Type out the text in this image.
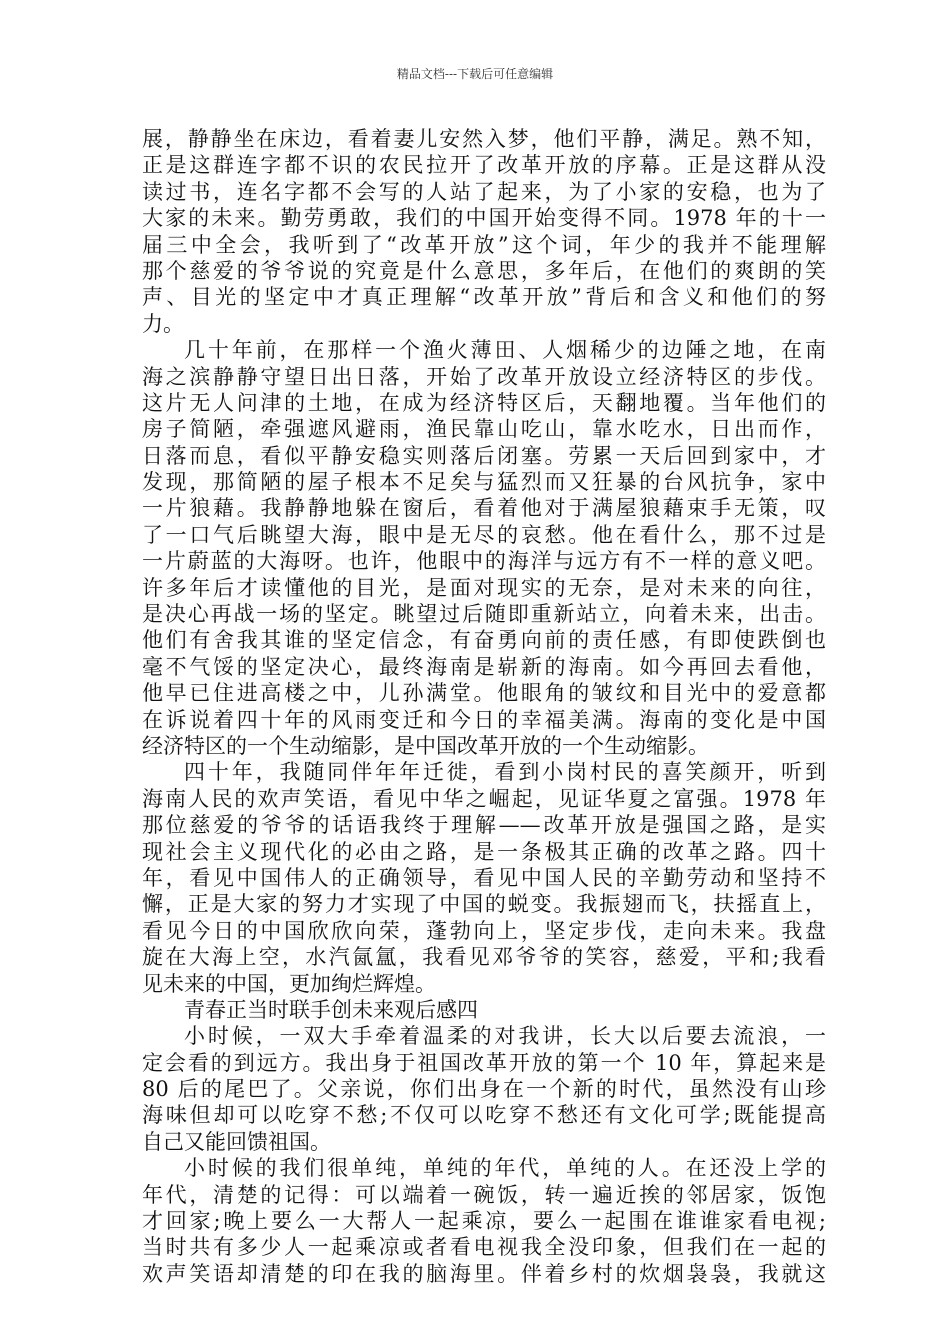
精品文档---下载后可任意编辑
展，静静坐在床边，看着妻儿安然入梦，他们平静，满足。熟不知，
正是这群连字都不识的农民拉开了改革开放的序幕。正是这群从没
读过书，连名字都不会写的人站了起来，为了小家的安稳，也为了
大家的未来。勤劳勇敢，我们的中国开始变得不同。1978 年的十一
届三中全会，我听到了“改革开放”这个词，年少的我并不能理解
那个慈爱的爷爷说的究竟是什么意思，多年后，在他们的爽朗的笑
声、目光的坚定中才真正理解“改革开放”背后和含义和他们的努
力。
几十年前，在那样一个渔火薄田、人烟稀少的边陲之地，在南
海之滨静静守望日出日落，开始了改革开放设立经济特区的步伐。
这片无人问津的土地，在成为经济特区后，天翻地覆。当年他们的
房子简陋，牵强遮风避雨，渔民靠山吃山，靠水吃水，日出而作，
日落而息，看似平静安稳实则落后闭塞。劳累一天后回到家中，才
发现，那简陋的屋子根本不足矣与猛烈而又狂暴的台风抗争，家中
一片狼藉。我静静地躲在窗后，看着他对于满屋狼藉束手无策，叹
了一口气后眺望大海，眼中是无尽的哀愁。他在看什么，那不过是
一片蔚蓝的大海呀。也许，他眼中的海洋与远方有不一样的意义吧。
许多年后才读懂他的目光，是面对现实的无奈，是对未来的向往，
是决心再战一场的坚定。眺望过后随即重新站立，向着未来，出击。
他们有舍我其谁的坚定信念，有奋勇向前的责任感，有即使跌倒也
毫不气馁的坚定决心，最终海南是崭新的海南。如今再回去看他，
他早已住进高楼之中，儿孙满堂。他眼角的皱纹和目光中的爱意都
在诉说着四十年的风雨变迁和今日的幸福美满。海南的变化是中国
经济特区的一个生动缩影，是中国改革开放的一个生动缩影。
四十年，我随同伴年年迁徙，看到小岗村民的喜笑颜开，听到
海南人民的欢声笑语，看见中华之崛起，见证华夏之富强。1978 年
那位慈爱的爷爷的话语我终于理解——改革开放是强国之路，是实
现社会主义现代化的必由之路，是一条极其正确的改革之路。四十
年，看见中国伟人的正确领导，看见中国人民的辛勤劳动和坚持不
懈，正是大家的努力才实现了中国的蜕变。我振翅而飞，扶摇直上，
看见今日的中国欣欣向荣，蓬勃向上，坚定步伐，走向未来。我盘
旋在大海上空，水汽氤氲，我看见邓爷爷的笑容，慈爱，平和;我看
见未来的中国，更加绚烂辉煌。
青春正当时联手创未来观后感四
小时候，一双大手牵着温柔的对我讲，长大以后要去流浪，一
定会看的到远方。我出身于祖国改革开放的第一个 10 年，算起来是
80 后的尾巴了。父亲说，你们出身在一个新的时代，虽然没有山珍
海味但却可以吃穿不愁;不仅可以吃穿不愁还有文化可学;既能提高
自己又能回馈祖国。
小时候的我们很单纯，单纯的年代，单纯的人。在还没上学的
年代，清楚的记得：可以端着一碗饭，转一遍近挨的邻居家，饭饱
才回家;晚上要么一大帮人一起乘凉，要么一起围在谁谁家看电视;
当时共有多少人一起乘凉或者看电视我全没印象，但我们在一起的
欢声笑语却清楚的印在我的脑海里。伴着乡村的炊烟袅袅，我就这
